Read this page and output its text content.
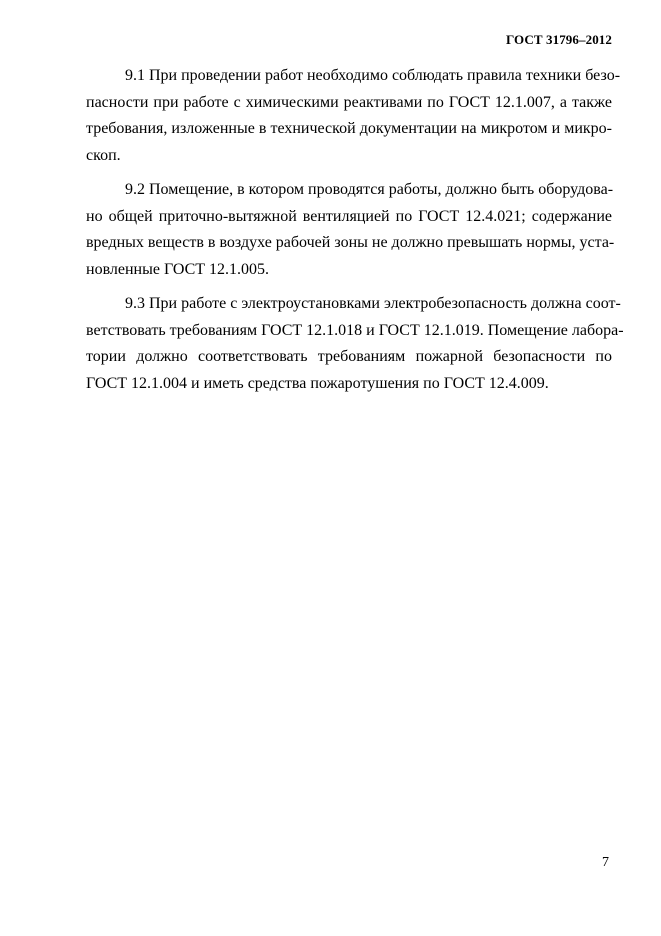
ГОСТ 31796–2012
9.1 При проведении работ необходимо соблюдать правила техники безо-
пасности при работе с химическими реактивами по ГОСТ 12.1.007, а также
требования, изложенные в технической документации на микротом и микро-
скоп.
9.2 Помещение, в котором проводятся работы, должно быть оборудова-
но общей приточно-вытяжной вентиляцией по ГОСТ 12.4.021; содержание
вредных веществ в воздухе рабочей зоны не должно превышать нормы, уста-
новленные ГОСТ 12.1.005.
9.3 При работе с электроустановками электробезопасность должна соот-
ветствовать требованиям ГОСТ 12.1.018 и ГОСТ 12.1.019. Помещение лабора-
тории должно соответствовать требованиям пожарной безопасности по
ГОСТ 12.1.004 и иметь средства пожаротушения по ГОСТ 12.4.009.
7
